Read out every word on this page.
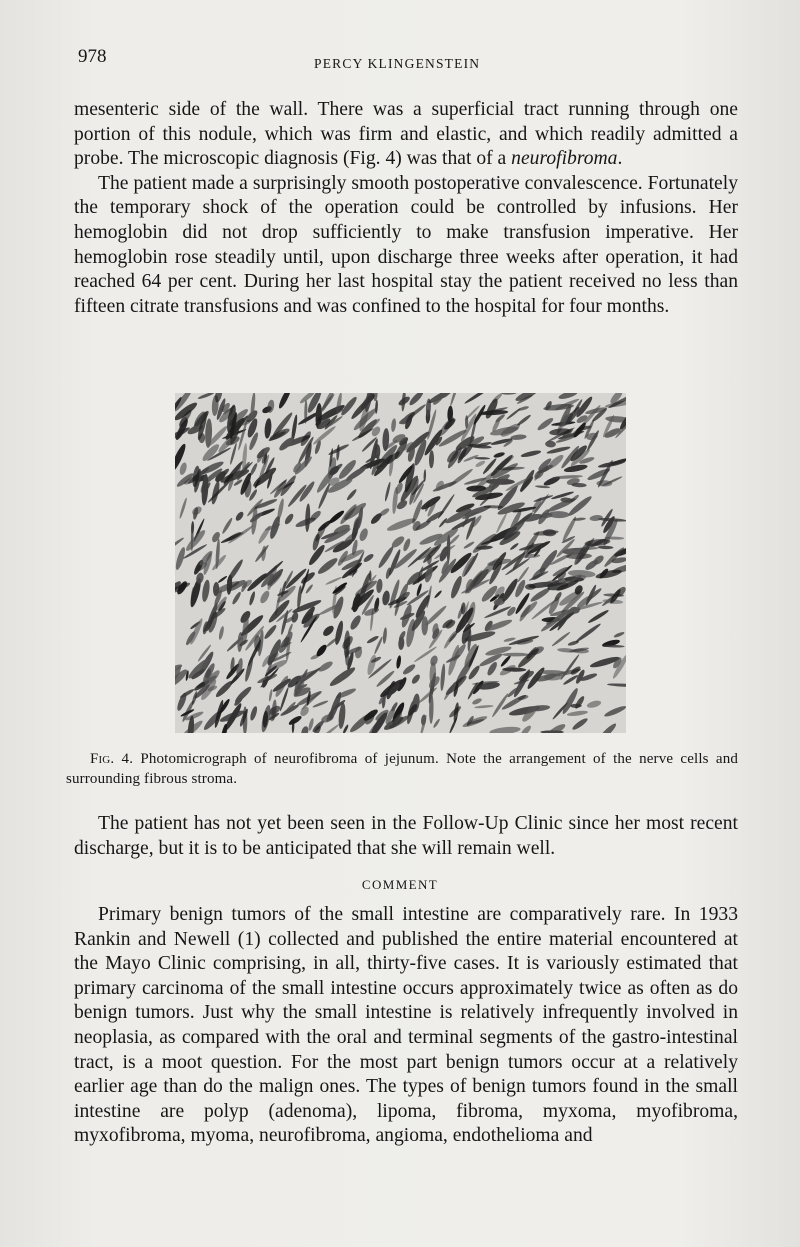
978	PERCY KLINGENSTEIN

mesenteric side of the wall. There was a superficial tract running through one portion of this nodule, which was firm and elastic, and which readily admitted a probe. The microscopic diagnosis (Fig. 4) was that of a neurofibroma.

The patient made a surprisingly smooth postoperative convalescence. Fortunately the temporary shock of the operation could be controlled by infusions. Her hemoglobin did not drop sufficiently to make transfusion imperative. Her hemoglobin rose steadily until, upon discharge three weeks after operation, it had reached 64 per cent. During her last hospital stay the patient received no less than fifteen citrate transfusions and was confined to the hospital for four months.

Fig. 4. Photomicrograph of neurofibroma of jejunum. Note the arrangement of the nerve cells and surrounding fibrous stroma.

The patient has not yet been seen in the Follow-Up Clinic since her most recent discharge, but it is to be anticipated that she will remain well.

COMMENT

Primary benign tumors of the small intestine are comparatively rare. In 1933 Rankin and Newell (1) collected and published the entire material encountered at the Mayo Clinic comprising, in all, thirty-five cases. It is variously estimated that primary carcinoma of the small intestine occurs approximately twice as often as do benign tumors. Just why the small intestine is relatively infrequently involved in neoplasia, as compared with the oral and terminal segments of the gastro-intestinal tract, is a moot question. For the most part benign tumors occur at a relatively earlier age than do the malign ones. The types of benign tumors found in the small intestine are polyp (adenoma), lipoma, fibroma, myxoma, myofibroma, myxofibroma, myoma, neurofibroma, angioma, endothelioma and
